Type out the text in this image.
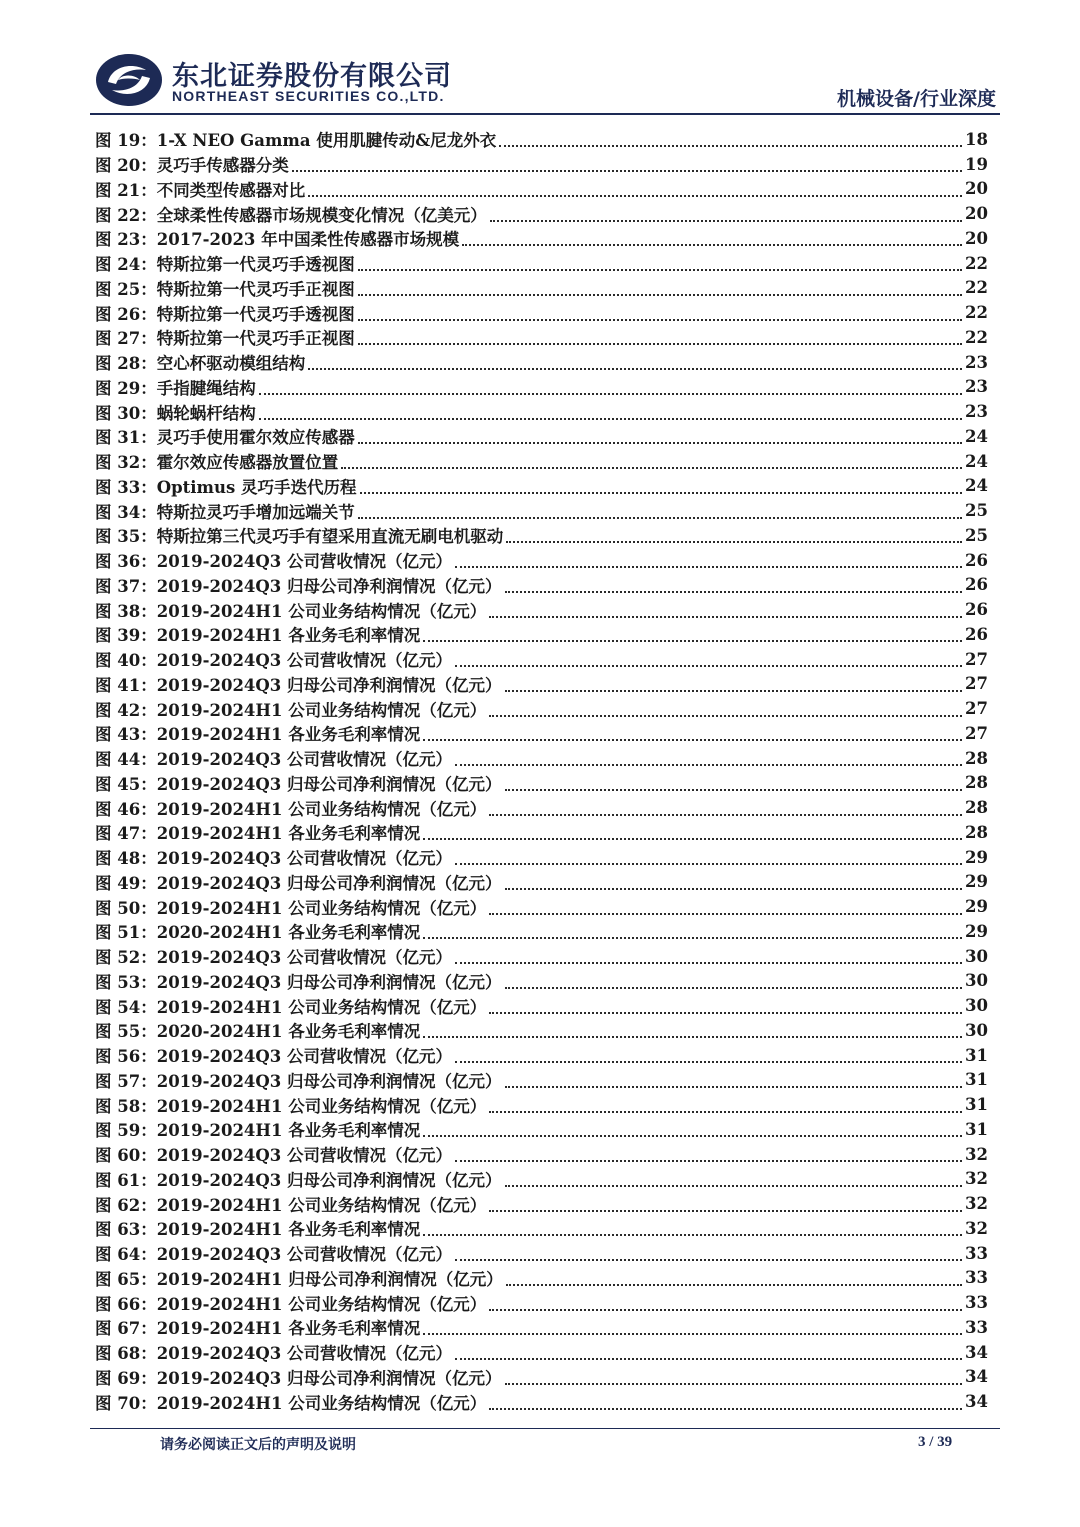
东北证券股份有限公司
NORTHEAST SECURITIES CO.,LTD.	机械设备/行业深度
图 19： 1-X NEO Gamma 使用肌腱传动&尼龙外衣	18
图 20： 灵巧手传感器分类	19
图 21： 不同类型传感器对比	20
图 22： 全球柔性传感器市场规模变化情况（亿美元）	20
图 23： 2017-2023 年中国柔性传感器市场规模	20
图 24： 特斯拉第一代灵巧手透视图	22
图 25： 特斯拉第一代灵巧手正视图	22
图 26： 特斯拉第一代灵巧手透视图	22
图 27： 特斯拉第一代灵巧手正视图	22
图 28： 空心杯驱动模组结构	23
图 29： 手指腱绳结构	23
图 30： 蜗轮蜗杆结构	23
图 31： 灵巧手使用霍尔效应传感器	24
图 32： 霍尔效应传感器放置位置	24
图 33： Optimus 灵巧手迭代历程	24
图 34： 特斯拉灵巧手增加远端关节	25
图 35： 特斯拉第三代灵巧手有望采用直流无刷电机驱动	25
图 36： 2019-2024Q3 公司营收情况（亿元）	26
图 37： 2019-2024Q3 归母公司净利润情况（亿元）	26
图 38： 2019-2024H1 公司业务结构情况（亿元）	26
图 39： 2019-2024H1 各业务毛利率情况	26
图 40： 2019-2024Q3 公司营收情况（亿元）	27
图 41： 2019-2024Q3 归母公司净利润情况（亿元）	27
图 42： 2019-2024H1 公司业务结构情况（亿元）	27
图 43： 2019-2024H1 各业务毛利率情况	27
图 44： 2019-2024Q3 公司营收情况（亿元）	28
图 45： 2019-2024Q3 归母公司净利润情况（亿元）	28
图 46： 2019-2024H1 公司业务结构情况（亿元）	28
图 47： 2019-2024H1 各业务毛利率情况	28
图 48： 2019-2024Q3 公司营收情况（亿元）	29
图 49： 2019-2024Q3 归母公司净利润情况（亿元）	29
图 50： 2019-2024H1 公司业务结构情况（亿元）	29
图 51： 2020-2024H1 各业务毛利率情况	29
图 52： 2019-2024Q3 公司营收情况（亿元）	30
图 53： 2019-2024Q3 归母公司净利润情况（亿元）	30
图 54： 2019-2024H1 公司业务结构情况（亿元）	30
图 55： 2020-2024H1 各业务毛利率情况	30
图 56： 2019-2024Q3 公司营收情况（亿元）	31
图 57： 2019-2024Q3 归母公司净利润情况（亿元）	31
图 58： 2019-2024H1 公司业务结构情况（亿元）	31
图 59： 2019-2024H1 各业务毛利率情况	31
图 60： 2019-2024Q3 公司营收情况（亿元）	32
图 61： 2019-2024Q3 归母公司净利润情况（亿元）	32
图 62： 2019-2024H1 公司业务结构情况（亿元）	32
图 63： 2019-2024H1 各业务毛利率情况	32
图 64： 2019-2024Q3 公司营收情况（亿元）	33
图 65： 2019-2024H1 归母公司净利润情况（亿元）	33
图 66： 2019-2024H1 公司业务结构情况（亿元）	33
图 67： 2019-2024H1 各业务毛利率情况	33
图 68： 2019-2024Q3 公司营收情况（亿元）	34
图 69： 2019-2024Q3 归母公司净利润情况（亿元）	34
图 70： 2019-2024H1 公司业务结构情况（亿元）	34
请务必阅读正文后的声明及说明	3 / 39
